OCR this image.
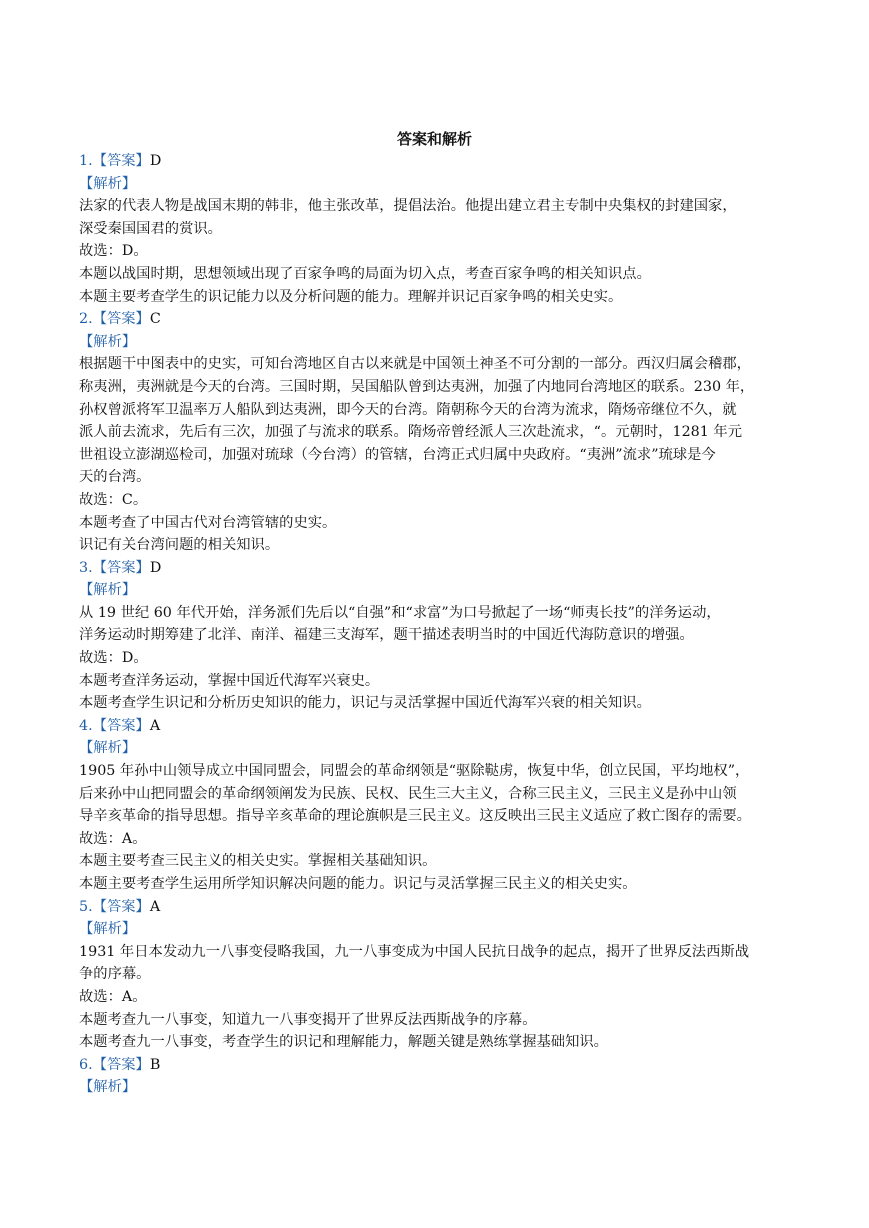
答案和解析
1.【答案】D
【解析】
法家的代表人物是战国末期的韩非，他主张改革，提倡法治。他提出建立君主专制中央集权的封建国家，
深受秦国国君的赏识。
故选：D。
本题以战国时期，思想领域出现了百家争鸣的局面为切入点，考查百家争鸣的相关知识点。
本题主要考查学生的识记能力以及分析问题的能力。理解并识记百家争鸣的相关史实。
2.【答案】C
【解析】
根据题干中图表中的史实，可知台湾地区自古以来就是中国领土神圣不可分割的一部分。西汉归属会稽郡，
称夷洲，夷洲就是今天的台湾。三国时期，吴国船队曾到达夷洲，加强了内地同台湾地区的联系。230 年，
孙权曾派将军卫温率万人船队到达夷洲，即今天的台湾。隋朝称今天的台湾为流求，隋炀帝继位不久，就
派人前去流求，先后有三次，加强了与流求的联系。隋炀帝曾经派人三次赴流求，“。元朝时，1281 年元
世祖设立澎湖巡检司，加强对琉球（今台湾）的管辖，台湾正式归属中央政府。“夷洲”流求”琉球是今
天的台湾。
故选：C。
本题考查了中国古代对台湾管辖的史实。
识记有关台湾问题的相关知识。
3.【答案】D
【解析】
从 19 世纪 60 年代开始，洋务派们先后以“自强”和“求富”为口号掀起了一场“师夷长技”的洋务运动，
洋务运动时期筹建了北洋、南洋、福建三支海军，题干描述表明当时的中国近代海防意识的增强。
故选：D。
本题考查洋务运动，掌握中国近代海军兴衰史。
本题考查学生识记和分析历史知识的能力，识记与灵活掌握中国近代海军兴衰的相关知识。
4.【答案】A
【解析】
1905 年孙中山领导成立中国同盟会，同盟会的革命纲领是“驱除鞑虏，恢复中华，创立民国，平均地权”，
后来孙中山把同盟会的革命纲领阐发为民族、民权、民生三大主义，合称三民主义，三民主义是孙中山领
导辛亥革命的指导思想。指导辛亥革命的理论旗帜是三民主义。这反映出三民主义适应了救亡图存的需要。
故选：A。
本题主要考查三民主义的相关史实。掌握相关基础知识。
本题主要考查学生运用所学知识解决问题的能力。识记与灵活掌握三民主义的相关史实。
5.【答案】A
【解析】
1931 年日本发动九一八事变侵略我国，九一八事变成为中国人民抗日战争的起点，揭开了世界反法西斯战
争的序幕。
故选：A。
本题考查九一八事变，知道九一八事变揭开了世界反法西斯战争的序幕。
本题考查九一八事变，考查学生的识记和理解能力，解题关键是熟练掌握基础知识。
6.【答案】B
【解析】
